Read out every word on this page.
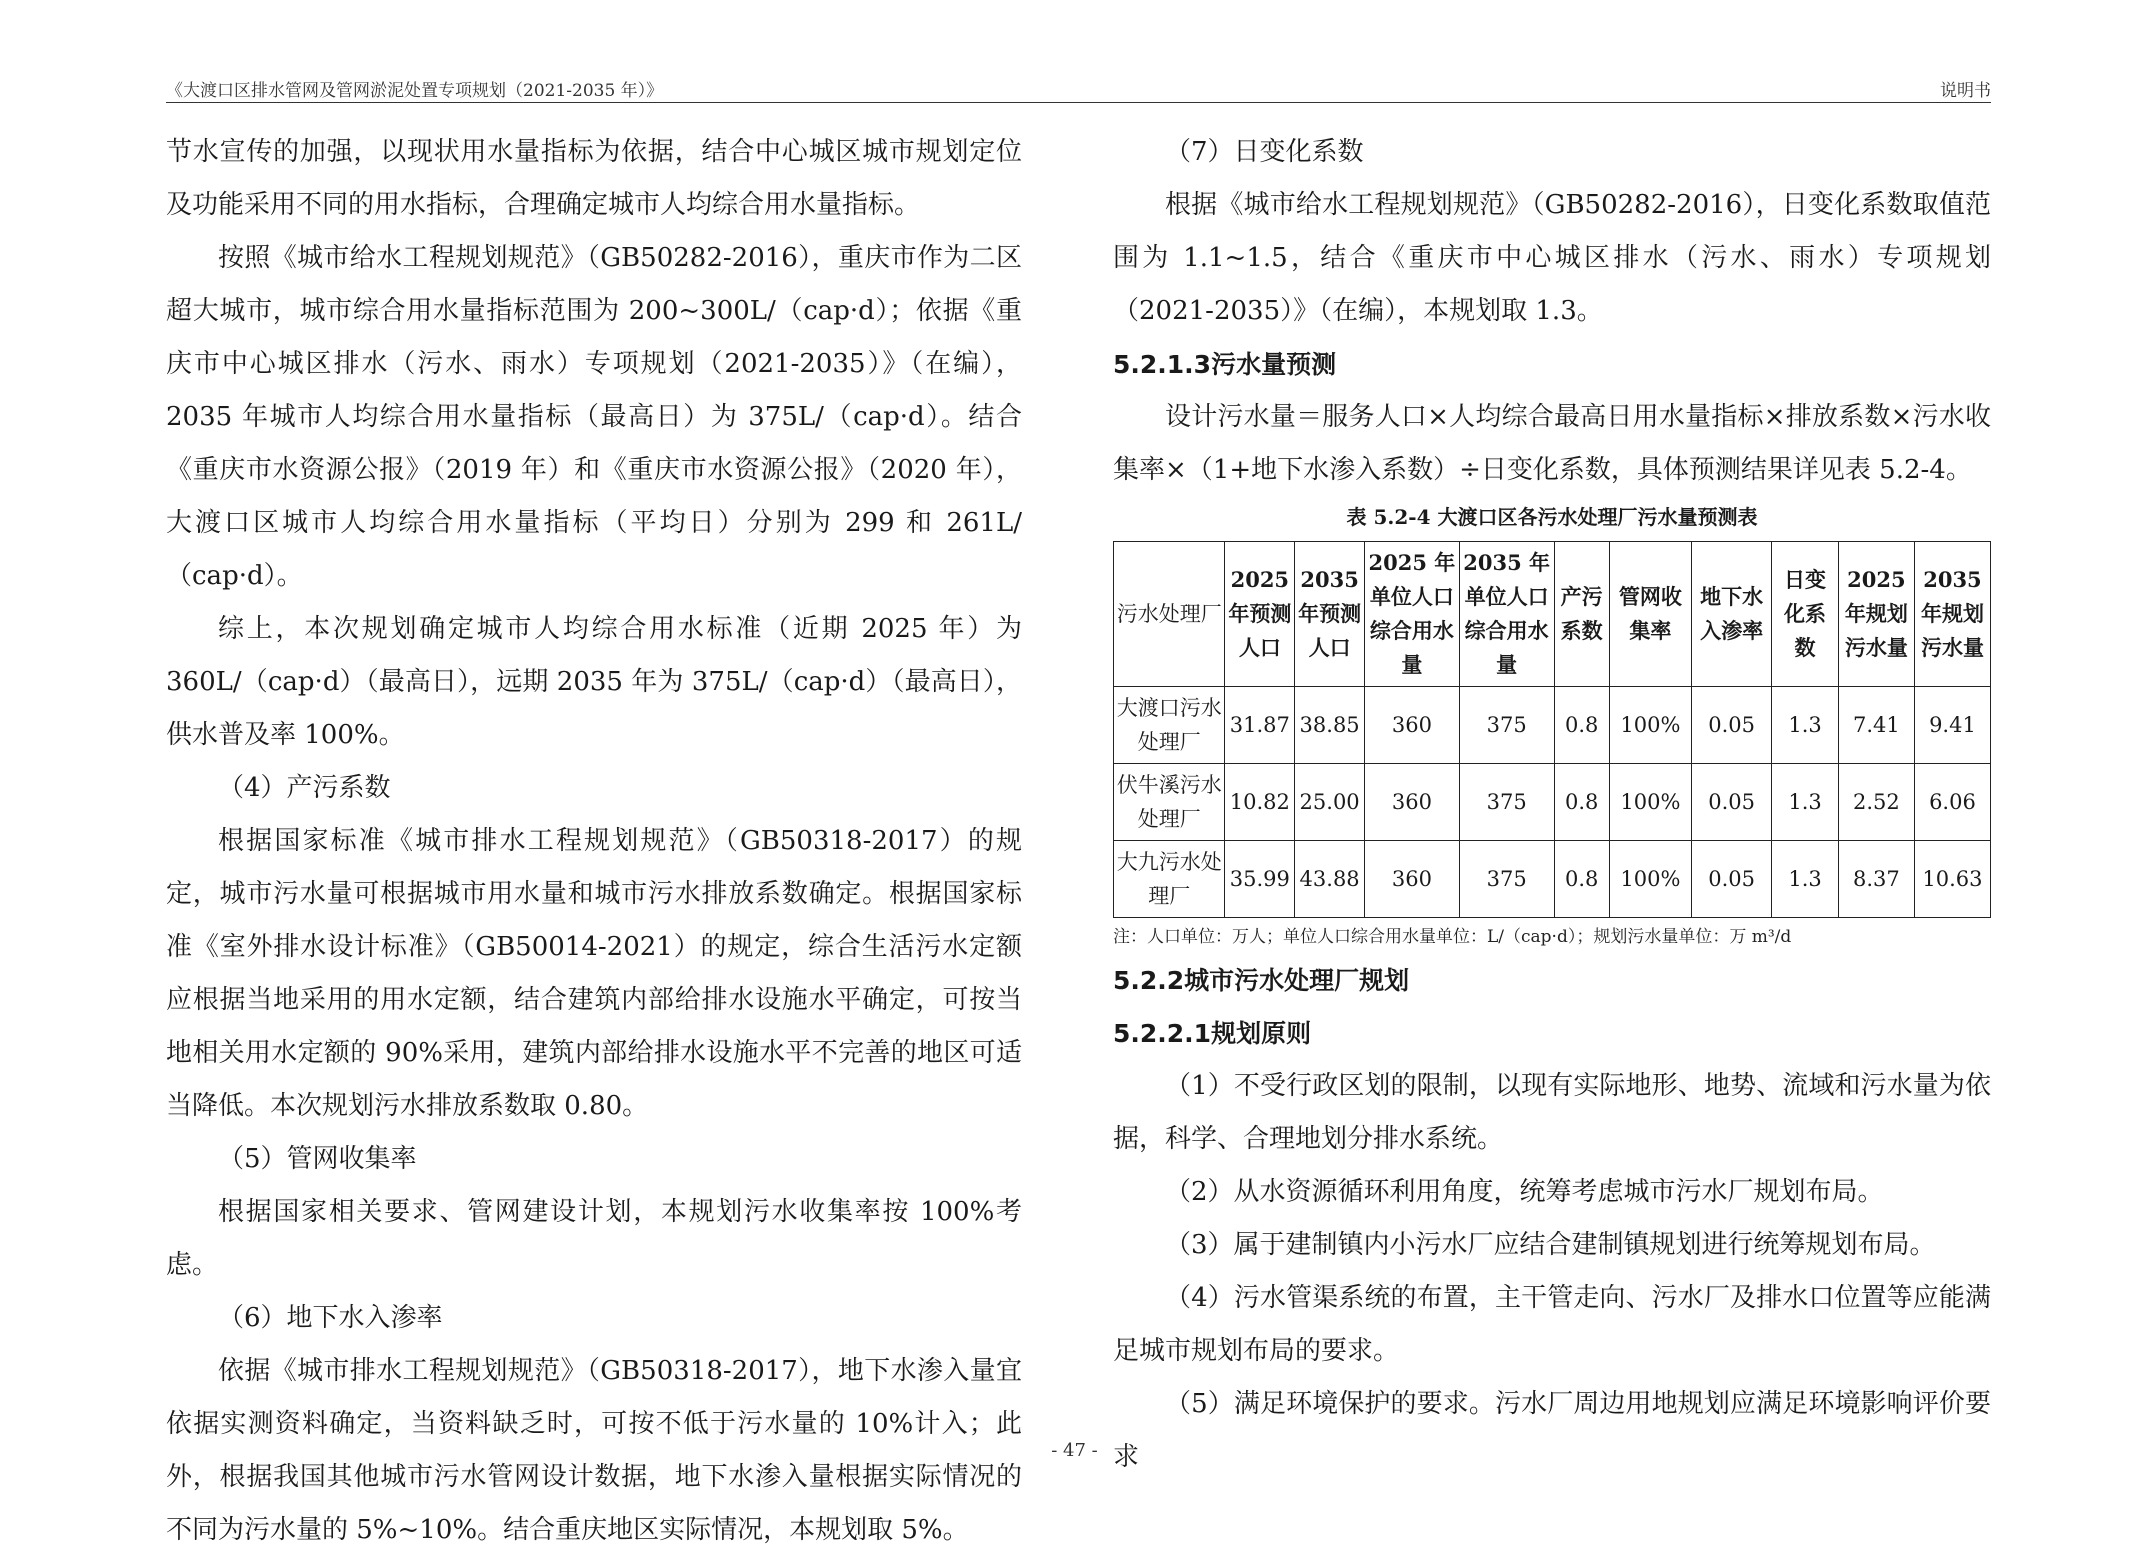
《大渡口区排水管网及管网淤泥处置专项规划（2021-2035 年）》	说明书

节水宣传的加强，以现状用水量指标为依据，结合中心城区城市规划定位及功能采用不同的用水指标，合理确定城市人均综合用水量指标。

按照《城市给水工程规划规范》（GB50282-2016），重庆市作为二区超大城市，城市综合用水量指标范围为 200~300L/（cap·d）；依据《重庆市中心城区排水（污水、雨水）专项规划（2021-2035）》（在编），2035 年城市人均综合用水量指标（最高日）为 375L/（cap·d）。结合《重庆市水资源公报》（2019 年）和《重庆市水资源公报》（2020 年），大渡口区城市人均综合用水量指标（平均日）分别为 299 和 261L/（cap·d）。

综上，本次规划确定城市人均综合用水标准（近期 2025 年）为 360L/（cap·d）（最高日），远期 2035 年为 375L/（cap·d）（最高日），供水普及率 100%。

（4）产污系数

根据国家标准《城市排水工程规划规范》（GB50318-2017）的规定，城市污水量可根据城市用水量和城市污水排放系数确定。根据国家标准《室外排水设计标准》（GB50014-2021）的规定，综合生活污水定额应根据当地采用的用水定额，结合建筑内部给排水设施水平确定，可按当地相关用水定额的 90%采用，建筑内部给排水设施水平不完善的地区可适当降低。本次规划污水排放系数取 0.80。

（5）管网收集率

根据国家相关要求、管网建设计划，本规划污水收集率按 100%考虑。

（6）地下水入渗率

依据《城市排水工程规划规范》（GB50318-2017），地下水渗入量宜依据实测资料确定，当资料缺乏时，可按不低于污水量的 10%计入；此外，根据我国其他城市污水管网设计数据，地下水渗入量根据实际情况的不同为污水量的 5%~10%。结合重庆地区实际情况，本规划取 5%。

（7）日变化系数

根据《城市给水工程规划规范》（GB50282-2016），日变化系数取值范围为 1.1~1.5，结合《重庆市中心城区排水（污水、雨水）专项规划（2021-2035）》（在编），本规划取 1.3。

5.2.1.3污水量预测

设计污水量＝服务人口×人均综合最高日用水量指标×排放系数×污水收集率×（1+地下水渗入系数）÷日变化系数，具体预测结果详见表 5.2-4。

表 5.2-4 大渡口区各污水处理厂污水量预测表

污水处理厂	2025 年预测人口	2035 年预测人口	2025 年单位人口综合用水量	2035 年单位人口综合用水量	产污系数	管网收集率	地下水入渗率	日变化系数	2025 年规划污水量	2035 年规划污水量
大渡口污水处理厂	31.87	38.85	360	375	0.8	100%	0.05	1.3	7.41	9.41
伏牛溪污水处理厂	10.82	25.00	360	375	0.8	100%	0.05	1.3	2.52	6.06
大九污水处理厂	35.99	43.88	360	375	0.8	100%	0.05	1.3	8.37	10.63

注：人口单位：万人；单位人口综合用水量单位：L/（cap·d）；规划污水量单位：万 m³/d

5.2.2城市污水处理厂规划

5.2.2.1规划原则

（1）不受行政区划的限制，以现有实际地形、地势、流域和污水量为依据，科学、合理地划分排水系统。

（2）从水资源循环利用角度，统筹考虑城市污水厂规划布局。

（3）属于建制镇内小污水厂应结合建制镇规划进行统筹规划布局。

（4）污水管渠系统的布置，主干管走向、污水厂及排水口位置等应能满足城市规划布局的要求。

（5）满足环境保护的要求。污水厂周边用地规划应满足环境影响评价要求

- 47 -
